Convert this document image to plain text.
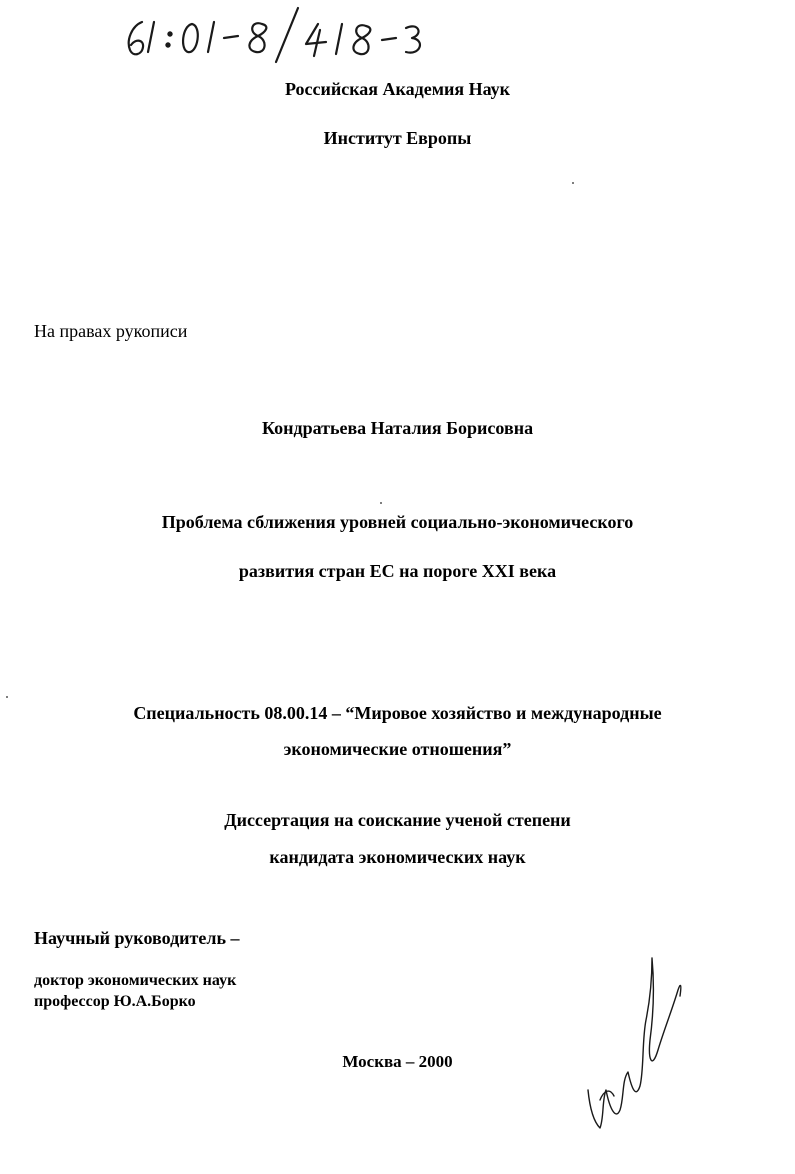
Российская Академия Наук
Институт Европы
На правах рукописи
Кондратьева Наталия Борисовна
Проблема сближения уровней социально-экономического
развития стран ЕС на пороге XXI века
Специальность 08.00.14 – “Мировое хозяйство и международные
экономические отношения”
Диссертация на соискание ученой степени
кандидата экономических наук
Научный руководитель –
доктор экономических наук
профессор Ю.А.Борко
Москва – 2000
